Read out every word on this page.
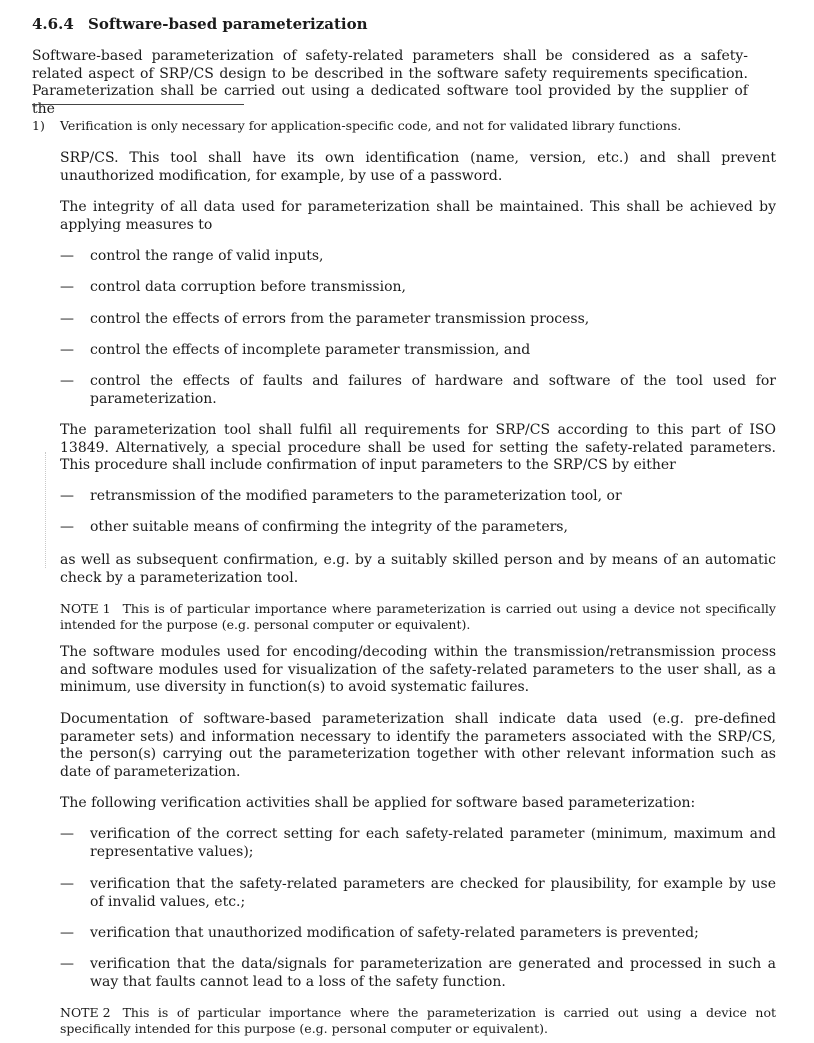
4.6.4 Software-based parameterization
Software-based parameterization of safety-related parameters shall be considered as a safety-related aspect of SRP/CS design to be described in the software safety requirements specification. Parameterization shall be carried out using a dedicated software tool provided by the supplier of the
1) Verification is only necessary for application-specific code, and not for validated library functions.
SRP/CS. This tool shall have its own identification (name, version, etc.) and shall prevent unauthorized modification, for example, by use of a password.
The integrity of all data used for parameterization shall be maintained. This shall be achieved by applying measures to
— control the range of valid inputs,
— control data corruption before transmission,
— control the effects of errors from the parameter transmission process,
— control the effects of incomplete parameter transmission, and
— control the effects of faults and failures of hardware and software of the tool used for parameterization.
The parameterization tool shall fulfil all requirements for SRP/CS according to this part of ISO 13849. Alternatively, a special procedure shall be used for setting the safety-related parameters. This procedure shall include confirmation of input parameters to the SRP/CS by either
— retransmission of the modified parameters to the parameterization tool, or
— other suitable means of confirming the integrity of the parameters,
as well as subsequent confirmation, e.g. by a suitably skilled person and by means of an automatic check by a parameterization tool.
NOTE 1 This is of particular importance where parameterization is carried out using a device not specifically intended for the purpose (e.g. personal computer or equivalent).
The software modules used for encoding/decoding within the transmission/retransmission process and software modules used for visualization of the safety-related parameters to the user shall, as a minimum, use diversity in function(s) to avoid systematic failures.
Documentation of software-based parameterization shall indicate data used (e.g. pre-defined parameter sets) and information necessary to identify the parameters associated with the SRP/CS, the person(s) carrying out the parameterization together with other relevant information such as date of parameterization.
The following verification activities shall be applied for software based parameterization:
— verification of the correct setting for each safety-related parameter (minimum, maximum and representative values);
— verification that the safety-related parameters are checked for plausibility, for example by use of invalid values, etc.;
— verification that unauthorized modification of safety-related parameters is prevented;
— verification that the data/signals for parameterization are generated and processed in such a way that faults cannot lead to a loss of the safety function.
NOTE 2 This is of particular importance where the parameterization is carried out using a device not specifically intended for this purpose (e.g. personal computer or equivalent).
